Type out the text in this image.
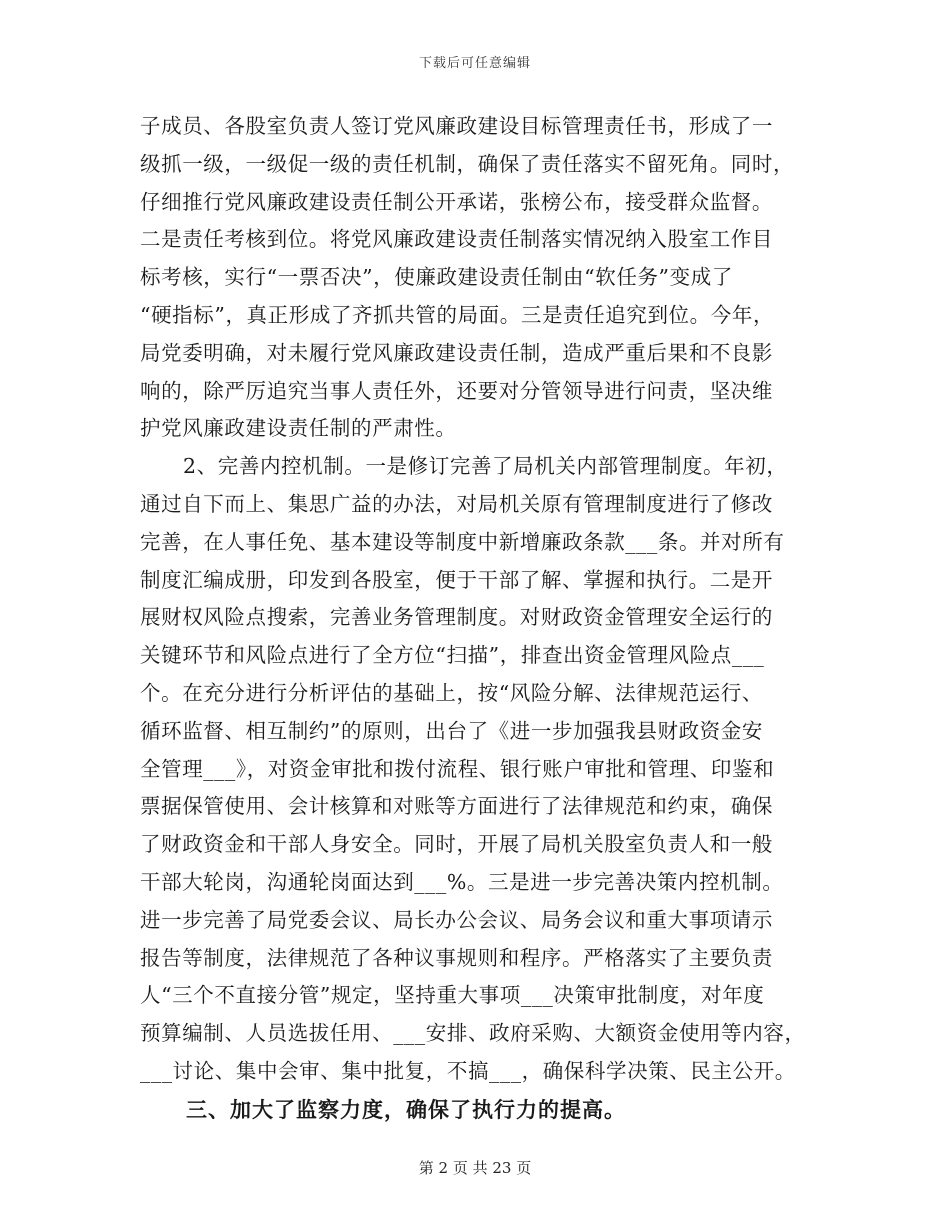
下载后可任意编辑
子成员、各股室负责人签订党风廉政建设目标管理责任书，形成了一
级抓一级，一级促一级的责任机制，确保了责任落实不留死角。同时，
仔细推行党风廉政建设责任制公开承诺，张榜公布，接受群众监督。
二是责任考核到位。将党风廉政建设责任制落实情况纳入股室工作目
标考核，实行“一票否决”，使廉政建设责任制由“软任务”变成了
“硬指标”，真正形成了齐抓共管的局面。三是责任追究到位。今年，
局党委明确，对未履行党风廉政建设责任制，造成严重后果和不良影
响的，除严厉追究当事人责任外，还要对分管领导进行问责，坚决维
护党风廉政建设责任制的严肃性。
2、完善内控机制。一是修订完善了局机关内部管理制度。年初，
通过自下而上、集思广益的办法，对局机关原有管理制度进行了修改
完善，在人事任免、基本建设等制度中新增廉政条款___条。并对所有
制度汇编成册，印发到各股室，便于干部了解、掌握和执行。二是开
展财权风险点搜索，完善业务管理制度。对财政资金管理安全运行的
关键环节和风险点进行了全方位“扫描”，排查出资金管理风险点___
个。在充分进行分析评估的基础上，按“风险分解、法律规范运行、
循环监督、相互制约”的原则，出台了《进一步加强我县财政资金安
全管理___》，对资金审批和拨付流程、银行账户审批和管理、印鉴和
票据保管使用、会计核算和对账等方面进行了法律规范和约束，确保
了财政资金和干部人身安全。同时，开展了局机关股室负责人和一般
干部大轮岗，沟通轮岗面达到___%。三是进一步完善决策内控机制。
进一步完善了局党委会议、局长办公会议、局务会议和重大事项请示
报告等制度，法律规范了各种议事规则和程序。严格落实了主要负责
人“三个不直接分管”规定，坚持重大事项___决策审批制度，对年度
预算编制、人员选拔任用、___安排、政府采购、大额资金使用等内容，
___讨论、集中会审、集中批复，不搞___，确保科学决策、民主公开。
三、加大了监察力度，确保了执行力的提高。
第 2 页 共 23 页
